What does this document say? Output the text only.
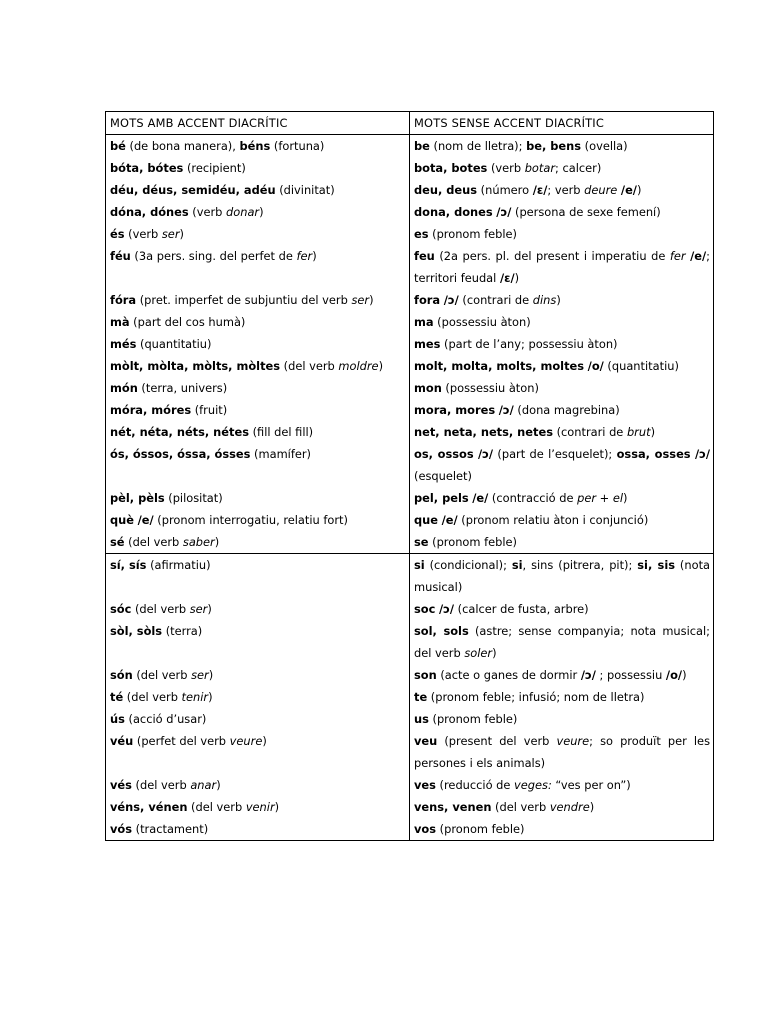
MOTS AMB ACCENT DIACRÍTIC	MOTS SENSE ACCENT DIACRÍTIC
bé (de bona manera), béns (fortuna)	be (nom de lletra); be, bens (ovella)
bóta, bótes (recipient)	bota, botes (verb botar; calcer)
déu, déus, semidéu, adéu (divinitat)	deu, deus (número /ɛ/; verb deure /e/)
dóna, dónes (verb donar)	dona, dones /ɔ/ (persona de sexe femení)
és (verb ser)	es (pronom feble)
féu (3a pers. sing. del perfet de fer)	feu (2a pers. pl. del present i imperatiu de fer /e/; territori feudal /ɛ/)
fóra (pret. imperfet de subjuntiu del verb ser)	fora /ɔ/ (contrari de dins)
mà (part del cos humà)	ma (possessiu àton)
més (quantitatiu)	mes (part de l’any; possessiu àton)
mòlt, mòlta, mòlts, mòltes (del verb moldre)	molt, molta, molts, moltes /o/ (quantitatiu)
món (terra, univers)	mon (possessiu àton)
móra, móres (fruit)	mora, mores /ɔ/ (dona magrebina)
nét, néta, néts, nétes (fill del fill)	net, neta, nets, netes (contrari de brut)
ós, óssos, óssa, ósses (mamífer)	os, ossos /ɔ/ (part de l’esquelet); ossa, osses /ɔ/ (esquelet)
pèl, pèls (pilositat)	pel, pels /e/ (contracció de per + el)
què /e/ (pronom interrogatiu, relatiu fort)	que /e/ (pronom relatiu àton i conjunció)
sé (del verb saber)	se (pronom feble)
sí, sís (afirmatiu)	si (condicional); si, sins (pitrera, pit); si, sis (nota musical)
sóc (del verb ser)	soc /ɔ/ (calcer de fusta, arbre)
sòl, sòls (terra)	sol, sols (astre; sense companyia; nota musical; del verb soler)
són (del verb ser)	son (acte o ganes de dormir /ɔ/ ; possessiu /o/)
té (del verb tenir)	te (pronom feble; infusió; nom de lletra)
ús (acció d’usar)	us (pronom feble)
véu (perfet del verb veure)	veu (present del verb veure; so produït per les persones i els animals)
vés (del verb anar)	ves (reducció de veges: “ves per on”)
véns, vénen (del verb venir)	vens, venen (del verb vendre)
vós (tractament)	vos (pronom feble)
